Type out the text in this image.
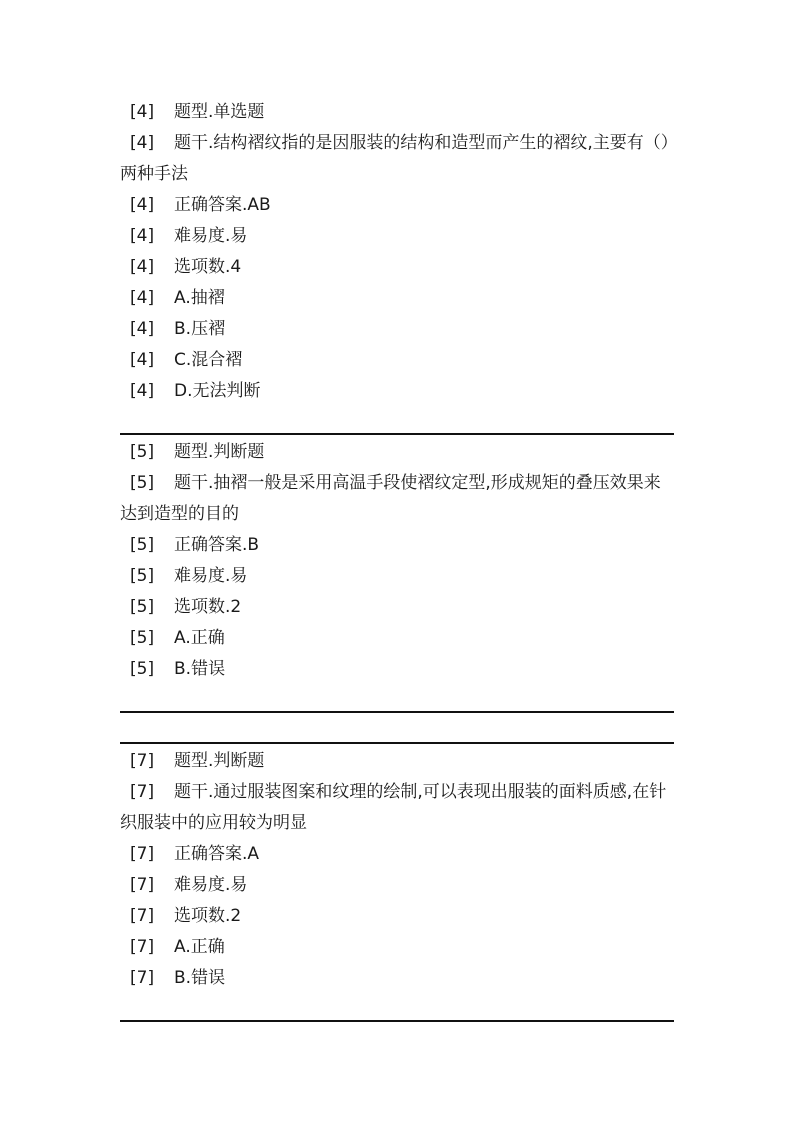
[4] 题型.单选题
[4] 题干.结构褶纹指的是因服装的结构和造型而产生的褶纹,主要有（）两种手法
[4] 正确答案.AB
[4] 难易度.易
[4] 选项数.4
[4] A.抽褶
[4] B.压褶
[4] C.混合褶
[4] D.无法判断
[5] 题型.判断题
[5] 题干.抽褶一般是采用高温手段使褶纹定型,形成规矩的叠压效果来达到造型的目的
[5] 正确答案.B
[5] 难易度.易
[5] 选项数.2
[5] A.正确
[5] B.错误
[7] 题型.判断题
[7] 题干.通过服装图案和纹理的绘制,可以表现出服装的面料质感,在针织服装中的应用较为明显
[7] 正确答案.A
[7] 难易度.易
[7] 选项数.2
[7] A.正确
[7] B.错误
